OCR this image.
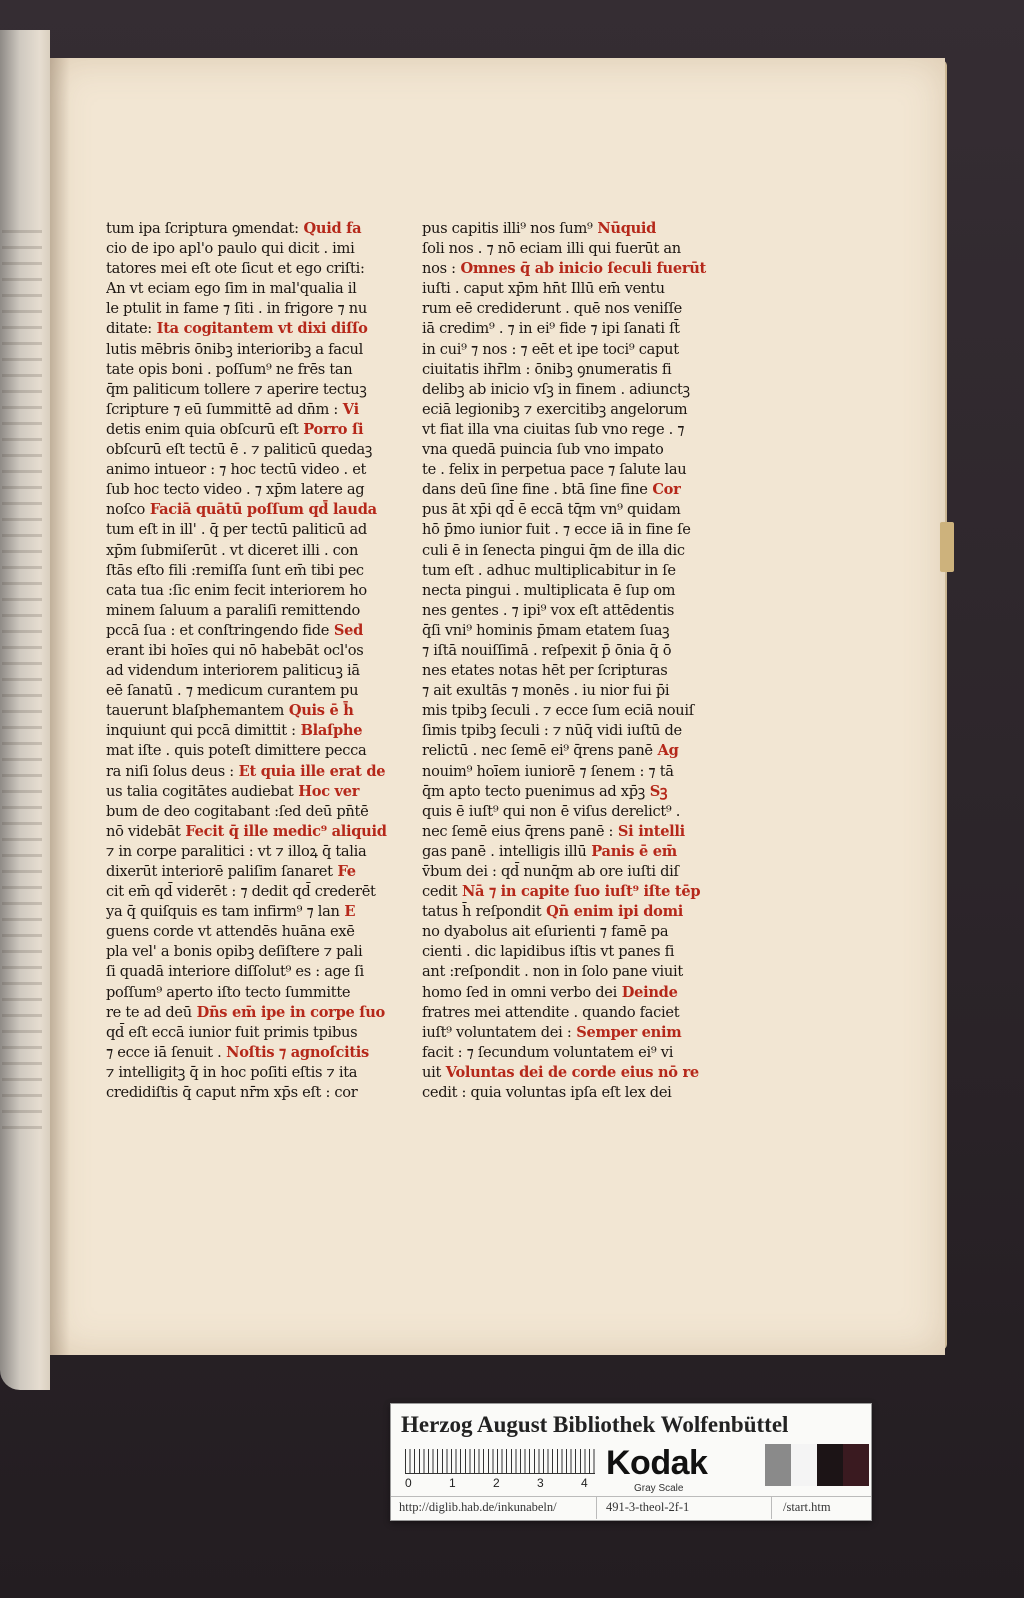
tum ipa ſcriptura ꝯmendat: Quid fa
cio de ipo apl'o paulo qui dicit . imi
tatores mei eſt ote ſicut et ego criſti:
An vt eciam ego ſim in mal'qualia il
le ptulit in fame ⁊ ſiti . in frigore ⁊ nu
ditate: Ita cogitantem vt dixi diſſo
lutis mēbris ōnibꝫ interioribꝫ a facul
tate opis boni . poſſum⁹ ne frēs tan
q̄m paliticum tollere ⁊ aperire tectuꝫ
ſcripture ⁊ eū ſummittē ad dn̄m : Vi
detis enim quia obſcurū eſt Porro ſi
obſcurū eſt tectū ē . ⁊ paliticū quedaꝫ
animo intueor : ⁊ hoc tectū video . et
ſub hoc tecto video . ⁊ xp̄m latere ag
noſco Faciā quātū poſſum qd̄ lauda
tum eſt in ill' . q̄ per tectū paliticū ad
xp̄m ſubmiſerūt . vt diceret illi . con
ſtās eſto fili :remiſſa ſunt em̄ tibi pec
cata tua :ſic enim fecit interiorem ho
minem ſaluum a paraliſi remittendo
pccā ſua : et conſtringendo fide Sed
erant ibi hoīes qui nō habebāt ocl'os
ad videndum interiorem paliticuꝫ iā
eē ſanatū . ⁊ medicum curantem pu
tauerunt blaſphemantem Quis ē h̄
inquiunt qui pccā dimittit : Blaſphe
mat iſte . quis poteſt dimittere pecca
ra niſi ſolus deus : Et quia ille erat de
us talia cogitātes audiebat Hoc ver
bum de deo cogitabant :ſed deū pn̄tē
nō videbāt Fecit q̄ ille medic⁹ aliquid
⁊ in corpe paralitici : vt ⁊ illoꝝ q̄ talia
dixerūt interiorē paliſim ſanaret Fe
cit em̄ qd̄ viderēt : ⁊ dedit qd̄ crederēt
ya q̄ quiſquis es tam infirm⁹ ⁊ lan E
guens corde vt attendēs huāna exē
pla vel' a bonis opibꝫ deſiſtere ⁊ pali
ſi quadā interiore diſſolut⁹ es : age ſi
poſſum⁹ aperto iſto tecto ſummitte
re te ad deū Dn̄s em̄ ipe in corpe ſuo
qd̄ eſt eccā iunior fuit primis tpibus
⁊ ecce iā ſenuit . Noſtis ⁊ agnoſcitis
⁊ intelligitꝫ q̄ in hoc poſiti eſtis ⁊ ita
credidiſtis q̄ caput nr̄m xp̄s eſt : cor
pus capitis illi⁹ nos ſum⁹ Nūquid
ſoli nos . ⁊ nō eciam illi qui fuerūt an
nos : Omnes q̄ ab inicio ſeculi fuerūt
iuſti . caput xp̄m hn̄t Illū em̄ ventu
rum eē crediderunt . quē nos veniſſe
iā credim⁹ . ⁊ in ei⁹ fide ⁊ ipi ſanati ſt̄
in cui⁹ ⁊ nos : ⁊ eēt et ipe toci⁹ caput
ciuitatis ihr̄lm : ōnibꝫ ꝯnumeratis fi
delibꝫ ab inicio vſꝫ in finem . adiunctꝫ
eciā legionibꝫ ⁊ exercitibꝫ angelorum
vt fiat illa vna ciuitas ſub vno rege . ⁊
vna quedā puincia ſub vno impato
te . felix in perpetua pace ⁊ ſalute lau
dans deū ſine fine . btā ſine fine Cor
pus āt xp̄i qd̄ ē eccā tq̄m vn⁹ quidam
hō p̄mo iunior fuit . ⁊ ecce iā in fine ſe
culi ē in ſenecta pingui q̄m de illa dic
tum eſt . adhuc multiplicabitur in ſe
necta pingui . multiplicata ē ſup om
nes gentes . ⁊ ipi⁹ vox eſt attēdentis
q̄ſi vni⁹ hominis p̄mam etatem ſuaꝫ
⁊ iſtā nouiſſimā . reſpexit p̄ ōnia q̄ ō
nes etates notas hēt per ſcripturas
⁊ ait exultās ⁊ monēs . iu nior fui p̄i
mis tpibꝫ ſeculi . ⁊ ecce ſum eciā nouiſ
ſimis tpibꝫ ſeculi : ⁊ nūq̄ vidi iuſtū de
relictū . nec ſemē ei⁹ q̄rens panē Ag
nouim⁹ hoīem iuniorē ⁊ ſenem : ⁊ tā
q̄m apto tecto puenimus ad xp̄ꝫ Sꝫ
quis ē iuſt⁹ qui non ē viſus derelict⁹ .
nec ſemē eius q̄rens panē : Si intelli
gas panē . intelligis illū Panis ē em̄
v̄bum dei : qd̄ nunq̄m ab ore iuſti diſ
cedit Nā ⁊ in capite ſuo iuſt⁹ iſte tēp
tatus h̄ reſpondit Qn̄ enim ipi domi
no dyabolus ait eſurienti ⁊ famē pa
cienti . dic lapidibus iſtis vt panes fi
ant :reſpondit . non in ſolo pane viuit
homo ſed in omni verbo dei Deinde
fratres mei attendite . quando faciet
iuſt⁹ voluntatem dei : Semper enim
facit : ⁊ ſecundum voluntatem ei⁹ vi
uit Voluntas dei de corde eius nō re
cedit : quia voluntas ipſa eſt lex dei
Herzog August Bibliothek Wolfenbüttel
0	1	2	3	4
Kodak
Gray Scale
http://diglib.hab.de/inkunabeln/	491-3-theol-2f-1	/start.htm
